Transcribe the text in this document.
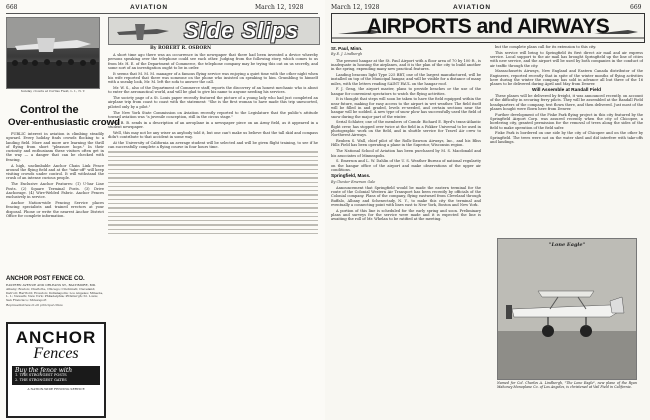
668	AVIATION	March 12, 1928
Sunday crowds at Curtiss Field, L. I., N. Y.
Control the
Over-enthusiastic crowd

PUBLIC interest in aviation is climbing steadily upward. Every holiday finds crowds flocking to a landing field. More and more are learning the thrill of flying from short "pleasure hops." In their curiosity and enthusiasm these visitors often get in the way — a danger that can be checked with fencing.

A high, unclimbable Anchor Chain Link Fence around the flying field and at the "take-off" will keep visiting crowds under control. It will withstand the crush of an intense curious people.

The Exclusive Anchor Features: (1) U-bar Line Posts. (2) Square Terminal Posts. (3) Drive Anchorage. (4) Wire-Welded Fabric. Anchor Fences exclusively in service.

Anchor Nation-wide Fencing Service places fencing specialists and trained erectors at your disposal. Phone or write the nearest Anchor District Office for complete information.

ANCHOR POST FENCE CO.
EASTERN AVENUE AND ORLEANS ST., BALTIMORE, MD.
Albany; Boston; Charlotte, Chicago; Cincinnati; Cleveland; Detroit; Hartford; Houston; Indianapolis; Los Angeles; Mineola, L. I.; Newark; New York; Philadelphia; Pittsburgh; St. Louis; San Francisco; Shreveport
Representatives in all principal cities
ANCHOR
Fences
Buy the fence with
1. THE STRONGEST POSTS
2. THE STRONGEST GATES
A NATION-WIDE FENCING SERVICE
Side Slips
By ROBERT R. OSBORN

A short time ago there was an occurrence in the newspaper that there had been invented a device whereby persons speaking over the telephone could see each other. Judging from the following story, which comes to us from Mr. H. E. of the Department of Commerce, the telephone company may be trying this out on us secretly, and some sort of an investigation ought to be in order.

It seems that M. M. M. manager of a famous flying service was enjoying a quiet time with the other night when his wife reported that there was someone on the phone who insisted on speaking to him. Grumbling to himself with a sneaky look, Mr. M. left the sofa to answer the call.

Mr. W. S., also of the Department of Commerce staff, reports the discovery of an honest mechanic who is about to enter the aeronautical world, and will be glad to give his name to anyone needing his services.

The society page of a St. Louis paper recently featured the picture of a young lady who had just completed an airplane trip from coast to coast with the statement: "She is the first woman to have made this trip unescorted, piloted only by a pilot."

The New York State Commission on Aviation recently reported to the Legislature that the public's attitude toward aviation was "a juvenile conception, still in the circus stage."

Mr. B. B. sends in a description of an aeroplane in a newspaper piece on an Army field, as it appeared in a student newspaper.

Well, this may not be any wiser as anybody told it, but one can't make us believe that the tall skid and compass didn't contribute to that accident in some way.

At the University of California an average student will be selected and will be given flight training, to see if he can successfully complete a flying course in four hours time.

March 12, 1928	AVIATION	669
AIRPORTS and AIRWAYS
St. Paul, Minn.
By E. J. Lindbergh

The present hangar at the St. Paul Airport with a floor area of 70 by 100 ft., is inadequate in housing the airplanes, and it is the plan of the city to build another in the spring, expending many new practical features.

Landing beacons light Type 225 BBT, one of the largest manufactured, will be installed on top of the Municipal hangar, and will be visible for a distance of many miles, with the letters reading SAINT PAUL on the hangar roof.

F. J. Geng, the airport master, plans to provide benches or the use of the hangar for convenient spectators to watch the flying activities.

It is thought that steps will soon be taken to have the field equipped within the near future, making for easy access to the airport in wet weather. The field itself will be filled in and graded, levels re-seeded, and certain sections near the hangar will be sodded. A new type of snow plow has successfully used the field of snow during the major part of the winter.

Serial Schlater, one of the members of Comdr. Richard E. Byrd's trans-Atlantic flight crew, has stopped over twice at the field in a Fokker Universal to be used in photographic work on the field, and in shuttle service for Travel Air crew to Northwest Airways.

Reuben S. Wall, chief pilot of the Rolls-Dawson Airways, Inc., and his Bliss Hills Field has been operating a plane in the Superior, Wisconsin region.

The National School of Aviation has been purchased by M. S. Macdonald and his associates of Minneapolis.

S. Emerson and L. W. Dahlin of the U. S. Weather Bureau of national regularity on the hangar office of the airport and make observations of the upper air conditions.

Springfield, Mass.
By Chester Emerson Gale

Announcement that Springfield would be made the eastern terminal for the route of the Colonial Western Air Transport has been recently by officials of the Colonial company. Plans of the company, flying eastward from Cleveland through Buffalo, Albany and Schenectady, N. Y., to make this city the terminal and eventually a connecting point with lines east to New York, Boston and New York.

A portion of this line is scheduled for the early spring and soon. Preliminary plans and surveys for the service were made and it is expected the line is awaiting the roll of Mr. Whelan to be ratified at the meeting.

but the complete plans call for its extension to this city.

This service will bring to Springfield its first direct air mail and air express service. Local support to the air mail has brought Springfield up the line of cities with new service, and the airport will be used by both companies in the conduct of air traffic through the city.

Massachusetts Airways, New England and Eastern Canada distributor of the Engineers, reported recently that in spite of the winter months of flying activities here during the winter the company has sold in advance all but three of the 16 planes to be delivered during April and May from Denver.

Will Assemble at Randall Field

These planes will be delivered by freight, it was announced recently, on account of the difficulty in securing ferry pilots. They will be assembled at the Randall Field headquarters of the company, test flown there, and then delivered. Just most of the planes bought were flown here from Denver.

Further development of the Fiske Park flying project in this city featured by the Springfield Airport Corp. was assured recently when the city of Chicopee, a bordering city, granted permission for the removal of trees along the sides of the field to make operation of the field safer.

Fiske Park is bordered on one side by the city of Chicopee and on the other by Springfield. The trees were not on the water shed and did interfere with take-offs and landings.

"Lone Eagle"
Named for Col. Charles A. Lindbergh, "The Lone Eagle", new plane of the Ryan Mahoney Monoplane Co. of Los Angeles, is christened at Vail Field in California.
